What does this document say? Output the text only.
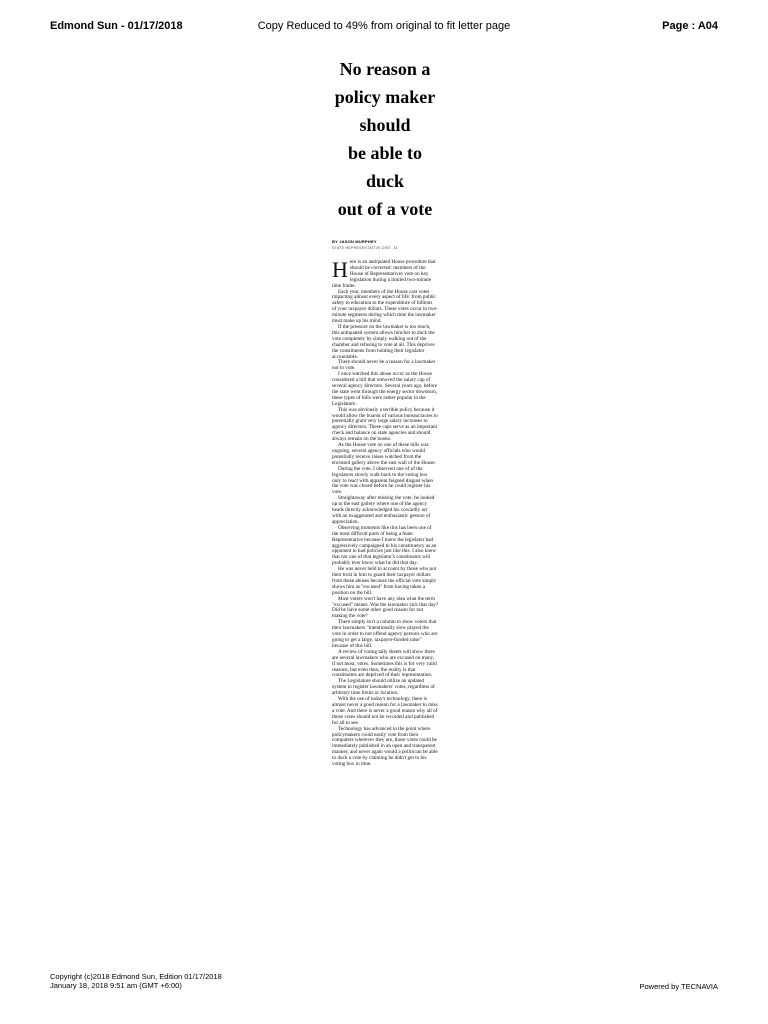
Edmond Sun - 01/17/2018	Copy Reduced to 49% from original to fit letter page	Page : A04
No reason a
policy maker
should
be able to duck
out of a vote
BY JASON MURPHEY
STATE REPRESENTATIVE DIST. 31

Here is an antiquated House procedure that should be corrected: members of the House of Representatives vote on key legislation during a limited two-minute time frame.

Each year, members of the House cast votes impacting almost every aspect of life: from public safety to education to the expenditure of billions of your taxpayer dollars. These votes occur in two-minute segments during which time the lawmaker must make up his mind.

If the pressure on the lawmaker is too much, this antiquated system allows him/her to duck the vote completely by simply walking out of the chamber and refusing to vote at all. This deprives the constituents from holding their legislator accountable.

There should never be a reason for a lawmaker not to vote.

I once watched this abuse occur as the House considered a bill that removed the salary cap of several agency directors. Several years ago, before the state went through the energy sector downturn, these types of bills were rather popular in the Legislature.

This was obviously a terrible policy because it would allow the boards of various bureaucracies to potentially grant very large salary increases to agency directors. These caps serve as an important check and balance on state agencies and should always remain on the books.

As the House vote on one of these bills was ongoing, several agency officials who would potentially receive raises watched from the enclosed gallery above the east wall of the House.

During the vote, I observed one of of the legislators slowly walk back to the voting box only to react with apparent feigned disgust when the vote was closed before he could register his vote.

Straightaway after missing the vote, he looked up to the east gallery where one of the agency heads directly acknowledged his cowardly act with an exaggerated and enthusiastic gesture of appreciation.

Observing moments like this has been one of the most difficult parts of being a State Representative because I knew the legislator had aggressively campaigned to his constituency as an opponent to bad policies just like this. I also knew that not one of that legislator's constituents will probably ever know what he did that day.

He was never held to account by those who put their trust in him to guard their taxpayer dollars from these abuses because the official vote simply shows him as "excused" from having taken a position on the bill.

Most voters won't have any idea what the term "excused" means. Was the lawmaker sick that day? Did he have some other good reason for not making the vote?

There simply isn't a column to show voters that their lawmakers "intentionally slow played the vote in order to not offend agency persons who are going to get a large, taxpayer-funded raise" because of this bill.

A review of voting tally sheets will show there are several lawmakers who are excused on many, if not most, votes. Sometimes this is for very valid reasons, but even then, the reality is that constituents are deprived of their representation.

The Legislature should utilize an updated system to register lawmakers' votes, regardless of arbitrary time limits or location.

With the use of today's technology, there is almost never a good reason for a lawmaker to miss a vote. And there is never a good reason why all of those votes should not be recorded and published for all to see.

Technology has advanced to the point where policymakers could easily vote from their computers wherever they are, those votes could be immediately published in an open and transparent manner, and never again would a politician be able to duck a vote by claiming he didn't get to his voting box in time.

Copyright (c)2018 Edmond Sun, Edition 01/17/2018
January 18, 2018 9:51 am (GMT +6:00)	Powered by TECNAVIA
